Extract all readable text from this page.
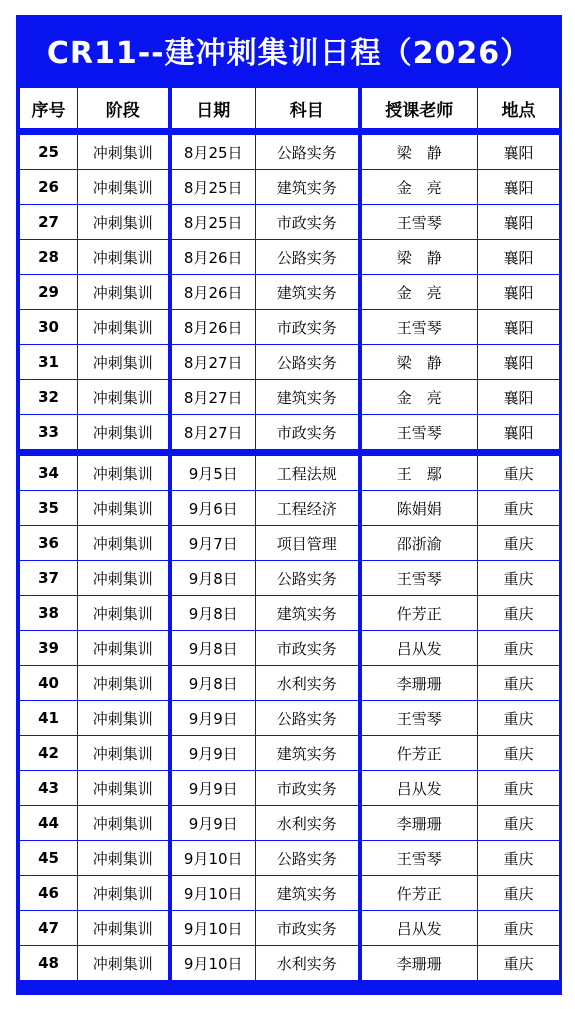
CR11--建冲刺集训日程（2026）
序号	阶段	日期	科目	授课老师	地点

25	冲刺集训	8月25日	公路实务	梁　静	襄阳
26	冲刺集训	8月25日	建筑实务	金　亮	襄阳
27	冲刺集训	8月25日	市政实务	王雪琴	襄阳
28	冲刺集训	8月26日	公路实务	梁　静	襄阳
29	冲刺集训	8月26日	建筑实务	金　亮	襄阳
30	冲刺集训	8月26日	市政实务	王雪琴	襄阳
31	冲刺集训	8月27日	公路实务	梁　静	襄阳
32	冲刺集训	8月27日	建筑实务	金　亮	襄阳
33	冲刺集训	8月27日	市政实务	王雪琴	襄阳

34	冲刺集训	9月5日	工程法规	王　鄢	重庆
35	冲刺集训	9月6日	工程经济	陈娟娟	重庆
36	冲刺集训	9月7日	项目管理	邵浙渝	重庆
37	冲刺集训	9月8日	公路实务	王雪琴	重庆
38	冲刺集训	9月8日	建筑实务	仵芳正	重庆
39	冲刺集训	9月8日	市政实务	吕从发	重庆
40	冲刺集训	9月8日	水利实务	李珊珊	重庆
41	冲刺集训	9月9日	公路实务	王雪琴	重庆
42	冲刺集训	9月9日	建筑实务	仵芳正	重庆
43	冲刺集训	9月9日	市政实务	吕从发	重庆
44	冲刺集训	9月9日	水利实务	李珊珊	重庆
45	冲刺集训	9月10日	公路实务	王雪琴	重庆
46	冲刺集训	9月10日	建筑实务	仵芳正	重庆
47	冲刺集训	9月10日	市政实务	吕从发	重庆
48	冲刺集训	9月10日	水利实务	李珊珊	重庆
